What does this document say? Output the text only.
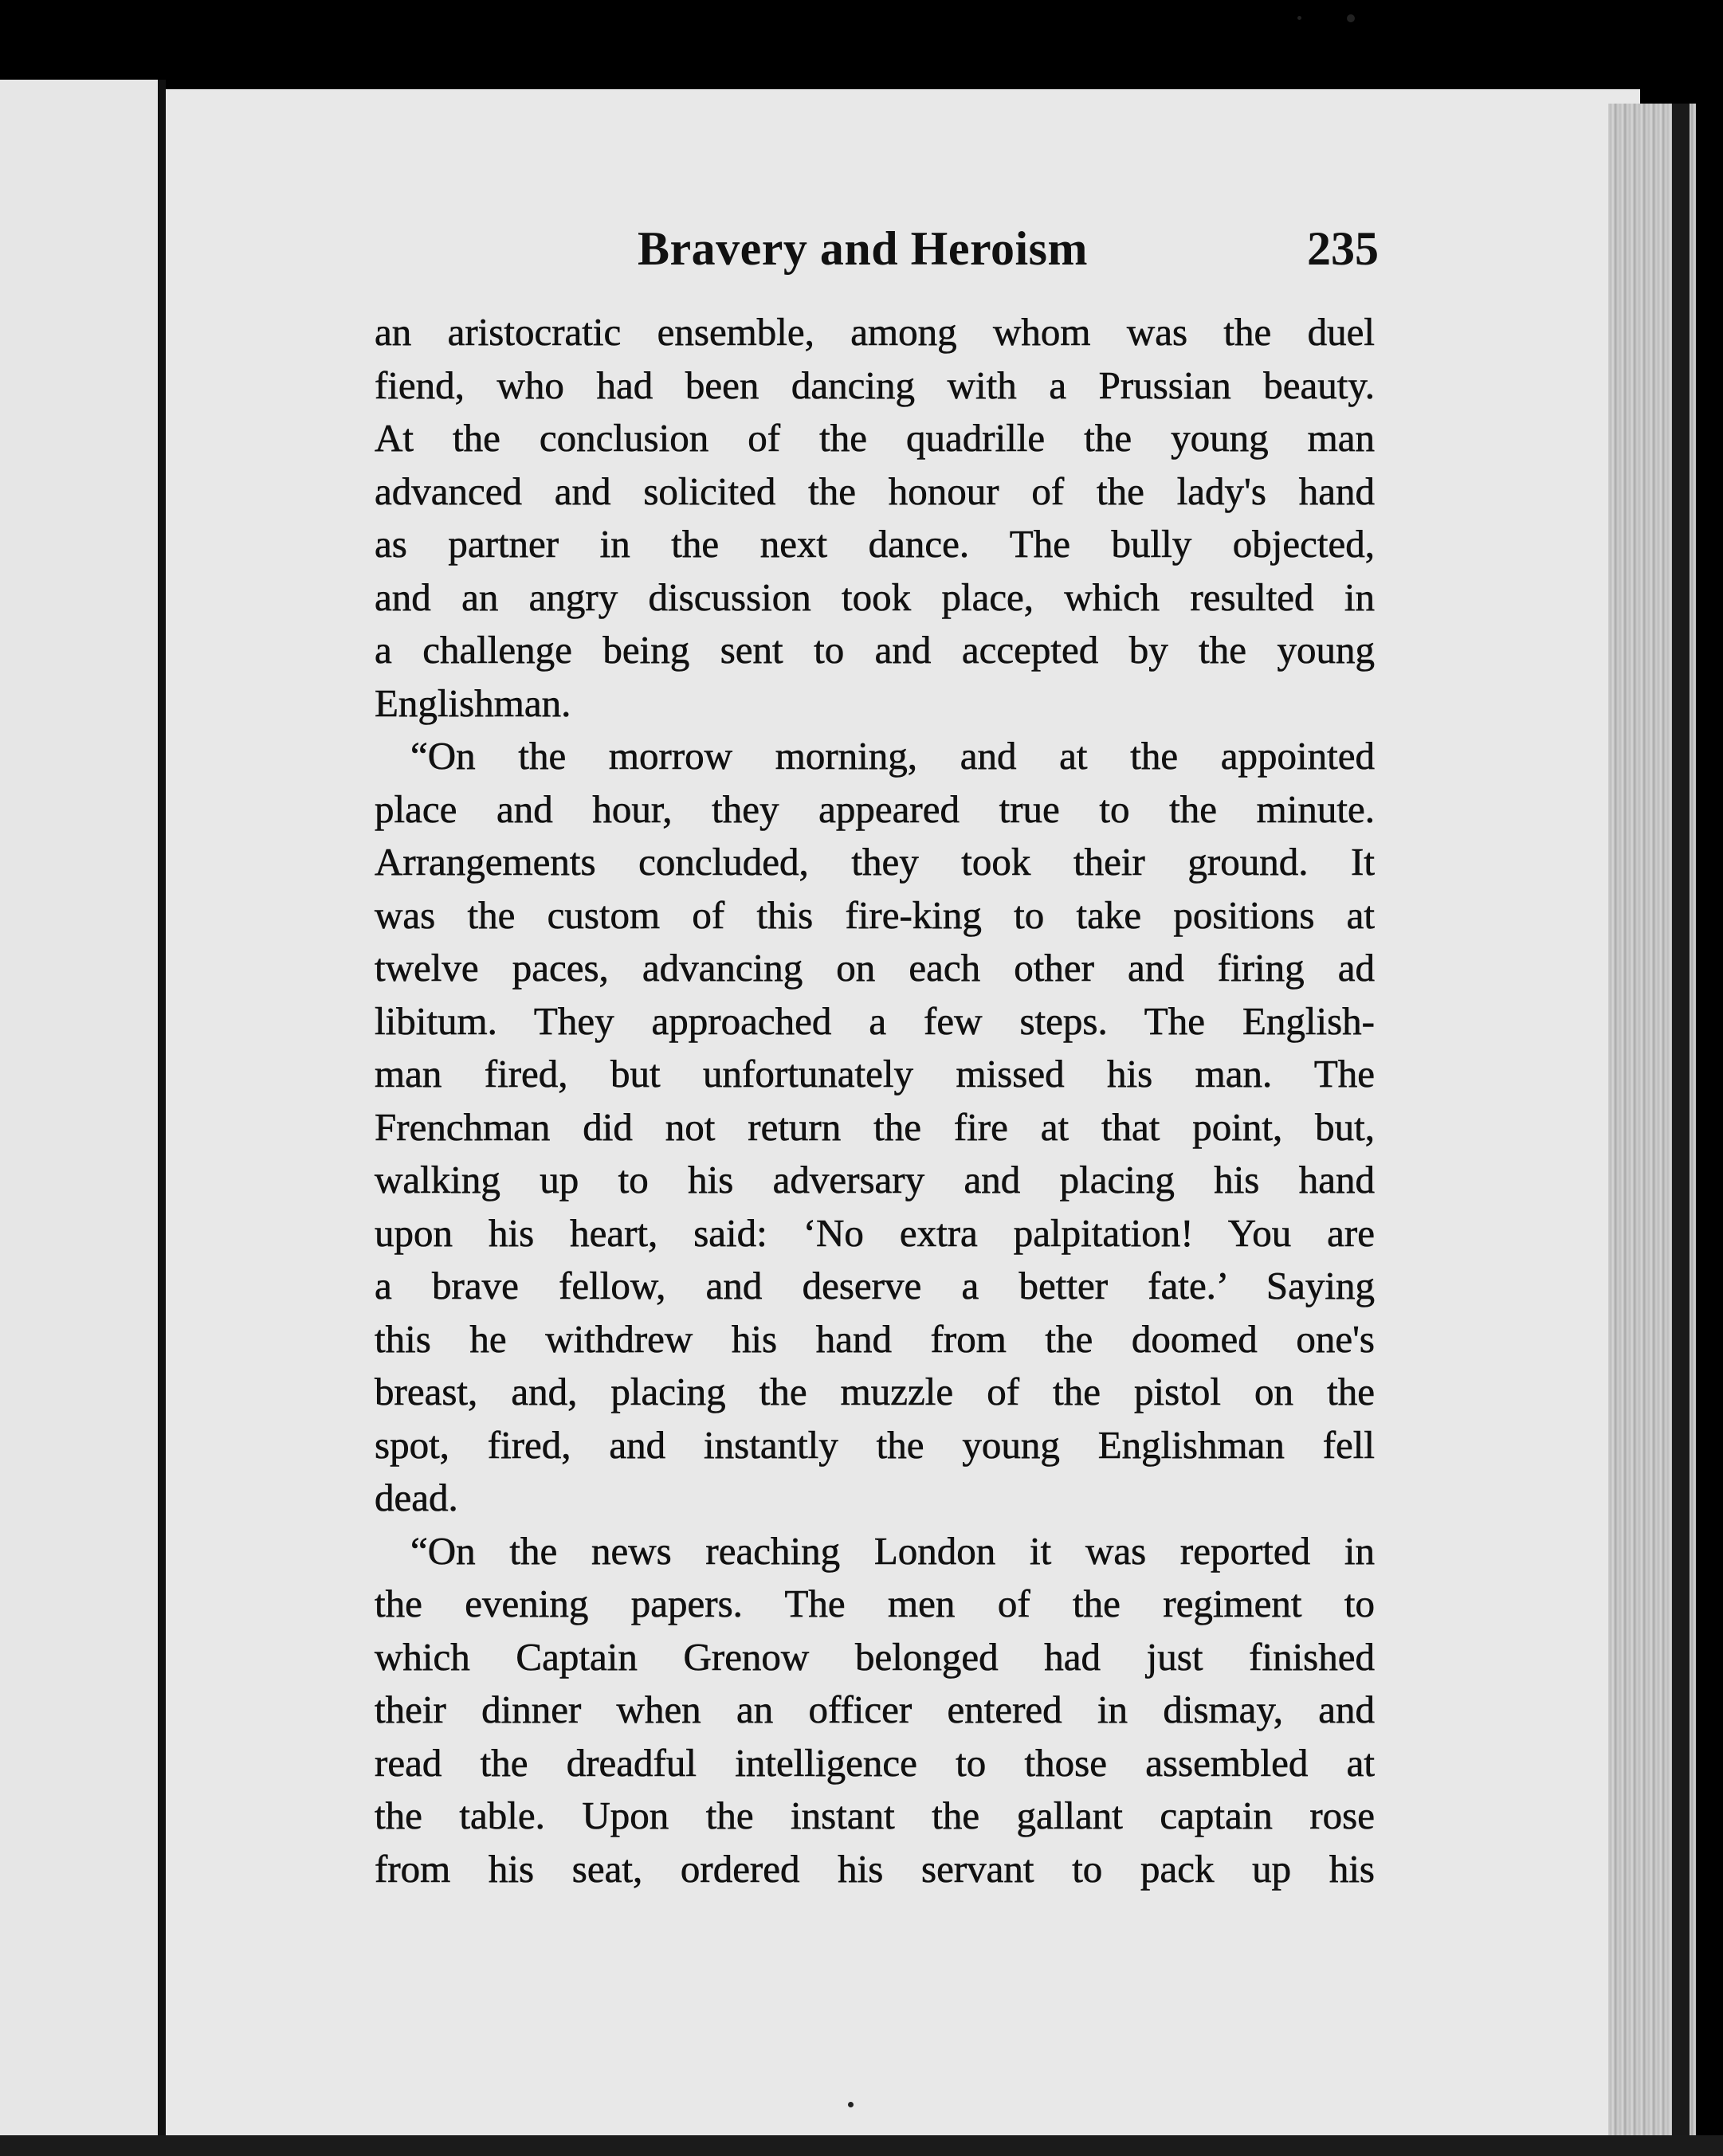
Bravery and Heroism	235
an aristocratic ensemble, among whom was the duel
fiend, who had been dancing with a Prussian beauty.
At the conclusion of the quadrille the young man
advanced and solicited the honour of the lady's hand
as partner in the next dance. The bully objected,
and an angry discussion took place, which resulted in
a challenge being sent to and accepted by the young
Englishman.
“On the morrow morning, and at the appointed
place and hour, they appeared true to the minute.
Arrangements concluded, they took their ground. It
was the custom of this fire-king to take positions at
twelve paces, advancing on each other and firing ad
libitum. They approached a few steps. The English-
man fired, but unfortunately missed his man. The
Frenchman did not return the fire at that point, but,
walking up to his adversary and placing his hand
upon his heart, said: ‘No extra palpitation! You are
a brave fellow, and deserve a better fate.’ Saying
this he withdrew his hand from the doomed one's
breast, and, placing the muzzle of the pistol on the
spot, fired, and instantly the young Englishman fell
dead.
“On the news reaching London it was reported in
the evening papers. The men of the regiment to
which Captain Grenow belonged had just finished
their dinner when an officer entered in dismay, and
read the dreadful intelligence to those assembled at
the table. Upon the instant the gallant captain rose
from his seat, ordered his servant to pack up his
